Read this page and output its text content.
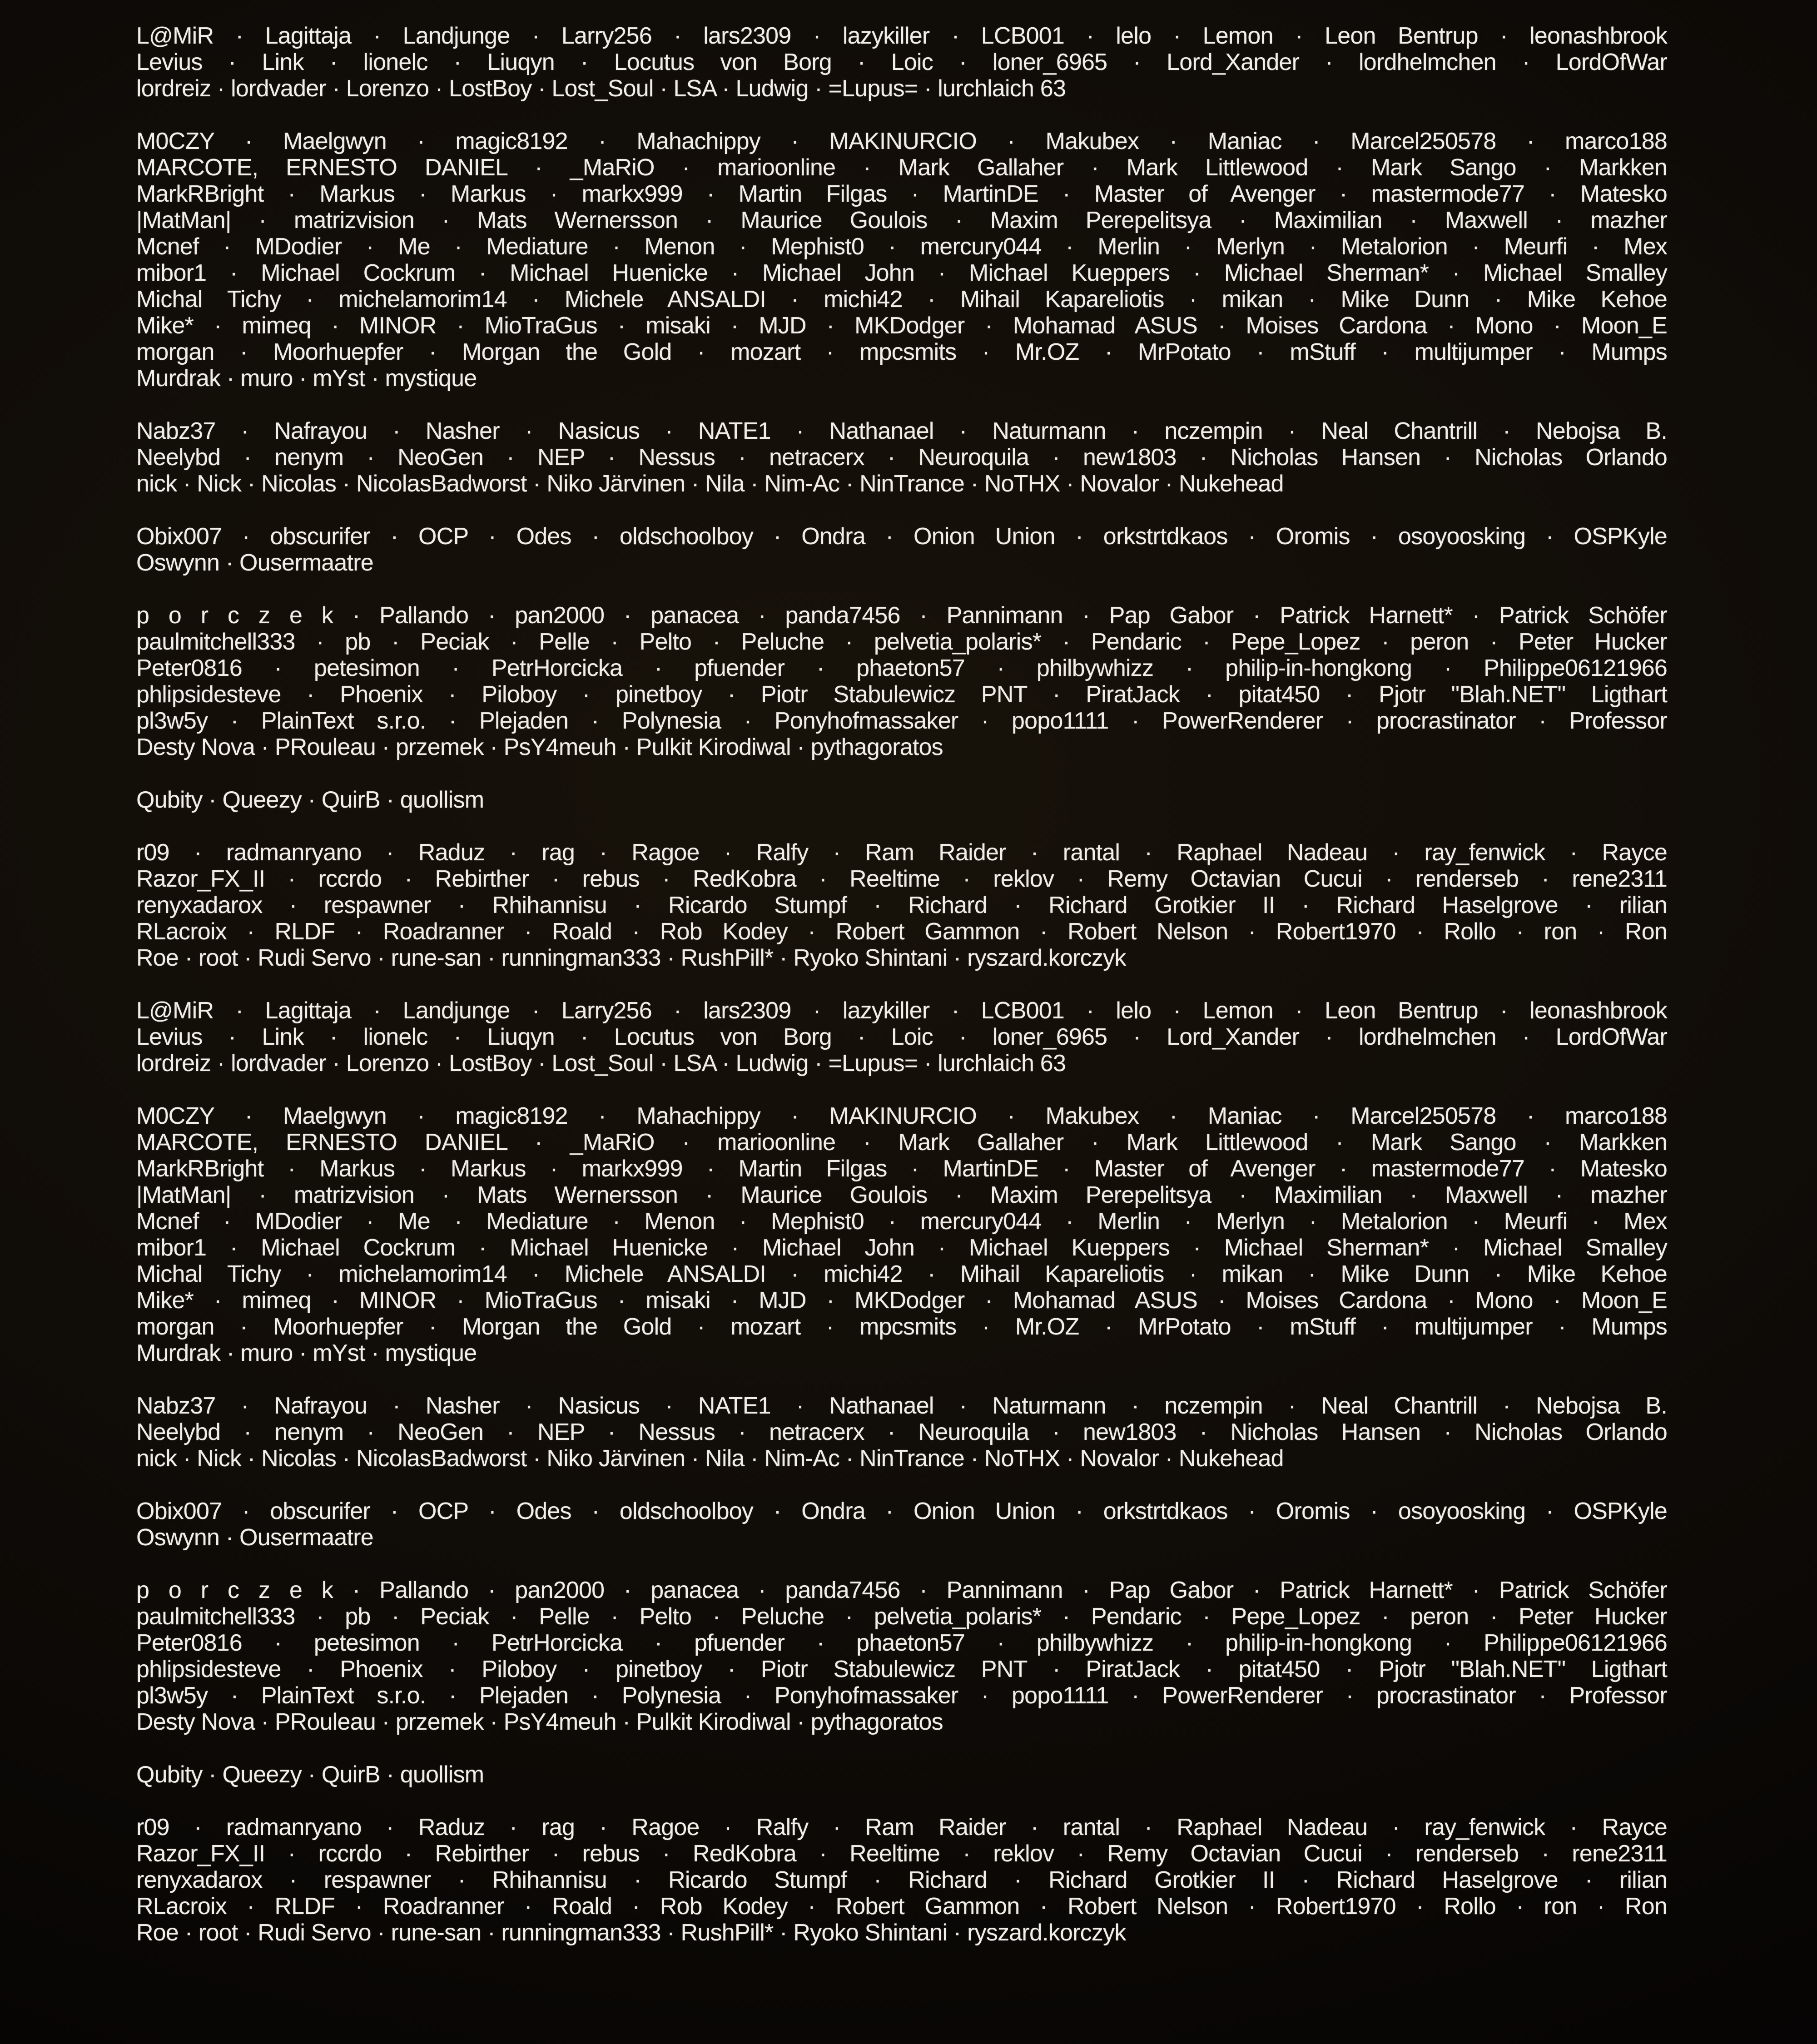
L@MiR · Lagittaja · Landjunge · Larry256 · lars2309 · lazykiller · LCB001 · lelo · Lemon · Leon Bentrup · leonashbrook
Levius · Link · lionelc · Liuqyn · Locutus von Borg · Loic · loner_6965 · Lord_Xander · lordhelmchen · LordOfWar
lordreiz · lordvader · Lorenzo · LostBoy · Lost_Soul · LSA · Ludwig · =Lupus= · lurchlaich 63
M0CZY · Maelgwyn · magic8192 · Mahachippy · MAKINURCIO · Makubex · Maniac · Marcel250578 · marco188
MARCOTE, ERNESTO DANIEL · _MaRiO · marioonline · Mark Gallaher · Mark Littlewood · Mark Sango · Markken
MarkRBright · Markus · Markus · markx999 · Martin Filgas · MartinDE · Master of Avenger · mastermode77 · Matesko
|MatMan| · matrizvision · Mats Wernersson · Maurice Goulois · Maxim Perepelitsya · Maximilian · Maxwell · mazher
Mcnef · MDodier · Me · Mediature · Menon · Mephist0 · mercury044 · Merlin · Merlyn · Metalorion · Meurfi · Mex
mibor1 · Michael Cockrum · Michael Huenicke · Michael John · Michael Kueppers · Michael Sherman* · Michael Smalley
Michal Tichy · michelamorim14 · Michele ANSALDI · michi42 · Mihail Kapareliotis · mikan · Mike Dunn · Mike Kehoe
Mike* · mimeq · MINOR · MioTraGus · misaki · MJD · MKDodger · Mohamad ASUS · Moises Cardona · Mono · Moon_E
morgan · Moorhuepfer · Morgan the Gold · mozart · mpcsmits · Mr.OZ · MrPotato · mStuff · multijumper · Mumps
Murdrak · muro · mYst · mystique
Nabz37 · Nafrayou · Nasher · Nasicus · NATE1 · Nathanael · Naturmann · nczempin · Neal Chantrill · Nebojsa B.
Neelybd · nenym · NeoGen · NEP · Nessus · netracerx · Neuroquila · new1803 · Nicholas Hansen · Nicholas Orlando
nick · Nick · Nicolas · NicolasBadworst · Niko Järvinen · Nila · Nim-Ac · NinTrance · NoTHX · Novalor · Nukehead
Obix007 · obscurifer · OCP · Odes · oldschoolboy · Ondra · Onion Union · orkstrtdkaos · Oromis · osoyoosking · OSPKyle
Oswynn · Ousermaatre
p o r c z e k · Pallando · pan2000 · panacea · panda7456 · Pannimann · Pap Gabor · Patrick Harnett* · Patrick Schöfer
paulmitchell333 · pb · Peciak · Pelle · Pelto · Peluche · pelvetia_polaris* · Pendaric · Pepe_Lopez · peron · Peter Hucker
Peter0816 · petesimon · PetrHorcicka · pfuender · phaeton57 · philbywhizz · philip-in-hongkong · Philippe06121966
phlipsidesteve · Phoenix · Piloboy · pinetboy · Piotr Stabulewicz PNT · PiratJack · pitat450 · Pjotr "Blah.NET" Ligthart
pl3w5y · PlainText s.r.o. · Plejaden · Polynesia · Ponyhofmassaker · popo1111 · PowerRenderer · procrastinator · Professor
Desty Nova · PRouleau · przemek · PsY4meuh · Pulkit Kirodiwal · pythagoratos
Qubity · Queezy · QuirB · quollism
r09 · radmanryano · Raduz · rag · Ragoe · Ralfy · Ram Raider · rantal · Raphael Nadeau · ray_fenwick · Rayce
Razor_FX_II · rccrdo · Rebirther · rebus · RedKobra · Reeltime · reklov · Remy Octavian Cucui · renderseb · rene2311
renyxadarox · respawner · Rhihannisu · Ricardo Stumpf · Richard · Richard Grotkier II · Richard Haselgrove · rilian
RLacroix · RLDF · Roadranner · Roald · Rob Kodey · Robert Gammon · Robert Nelson · Robert1970 · Rollo · ron · Ron
Roe · root · Rudi Servo · rune-san · runningman333 · RushPill* · Ryoko Shintani · ryszard.korczyk
L@MiR · Lagittaja · Landjunge · Larry256 · lars2309 · lazykiller · LCB001 · lelo · Lemon · Leon Bentrup · leonashbrook
Levius · Link · lionelc · Liuqyn · Locutus von Borg · Loic · loner_6965 · Lord_Xander · lordhelmchen · LordOfWar
lordreiz · lordvader · Lorenzo · LostBoy · Lost_Soul · LSA · Ludwig · =Lupus= · lurchlaich 63
M0CZY · Maelgwyn · magic8192 · Mahachippy · MAKINURCIO · Makubex · Maniac · Marcel250578 · marco188
MARCOTE, ERNESTO DANIEL · _MaRiO · marioonline · Mark Gallaher · Mark Littlewood · Mark Sango · Markken
MarkRBright · Markus · Markus · markx999 · Martin Filgas · MartinDE · Master of Avenger · mastermode77 · Matesko
|MatMan| · matrizvision · Mats Wernersson · Maurice Goulois · Maxim Perepelitsya · Maximilian · Maxwell · mazher
Mcnef · MDodier · Me · Mediature · Menon · Mephist0 · mercury044 · Merlin · Merlyn · Metalorion · Meurfi · Mex
mibor1 · Michael Cockrum · Michael Huenicke · Michael John · Michael Kueppers · Michael Sherman* · Michael Smalley
Michal Tichy · michelamorim14 · Michele ANSALDI · michi42 · Mihail Kapareliotis · mikan · Mike Dunn · Mike Kehoe
Mike* · mimeq · MINOR · MioTraGus · misaki · MJD · MKDodger · Mohamad ASUS · Moises Cardona · Mono · Moon_E
morgan · Moorhuepfer · Morgan the Gold · mozart · mpcsmits · Mr.OZ · MrPotato · mStuff · multijumper · Mumps
Murdrak · muro · mYst · mystique
Nabz37 · Nafrayou · Nasher · Nasicus · NATE1 · Nathanael · Naturmann · nczempin · Neal Chantrill · Nebojsa B.
Neelybd · nenym · NeoGen · NEP · Nessus · netracerx · Neuroquila · new1803 · Nicholas Hansen · Nicholas Orlando
nick · Nick · Nicolas · NicolasBadworst · Niko Järvinen · Nila · Nim-Ac · NinTrance · NoTHX · Novalor · Nukehead
Obix007 · obscurifer · OCP · Odes · oldschoolboy · Ondra · Onion Union · orkstrtdkaos · Oromis · osoyoosking · OSPKyle
Oswynn · Ousermaatre
p o r c z e k · Pallando · pan2000 · panacea · panda7456 · Pannimann · Pap Gabor · Patrick Harnett* · Patrick Schöfer
paulmitchell333 · pb · Peciak · Pelle · Pelto · Peluche · pelvetia_polaris* · Pendaric · Pepe_Lopez · peron · Peter Hucker
Peter0816 · petesimon · PetrHorcicka · pfuender · phaeton57 · philbywhizz · philip-in-hongkong · Philippe06121966
phlipsidesteve · Phoenix · Piloboy · pinetboy · Piotr Stabulewicz PNT · PiratJack · pitat450 · Pjotr "Blah.NET" Ligthart
pl3w5y · PlainText s.r.o. · Plejaden · Polynesia · Ponyhofmassaker · popo1111 · PowerRenderer · procrastinator · Professor
Desty Nova · PRouleau · przemek · PsY4meuh · Pulkit Kirodiwal · pythagoratos
Qubity · Queezy · QuirB · quollism
r09 · radmanryano · Raduz · rag · Ragoe · Ralfy · Ram Raider · rantal · Raphael Nadeau · ray_fenwick · Rayce
Razor_FX_II · rccrdo · Rebirther · rebus · RedKobra · Reeltime · reklov · Remy Octavian Cucui · renderseb · rene2311
renyxadarox · respawner · Rhihannisu · Ricardo Stumpf · Richard · Richard Grotkier II · Richard Haselgrove · rilian
RLacroix · RLDF · Roadranner · Roald · Rob Kodey · Robert Gammon · Robert Nelson · Robert1970 · Rollo · ron · Ron
Roe · root · Rudi Servo · rune-san · runningman333 · RushPill* · Ryoko Shintani · ryszard.korczyk
